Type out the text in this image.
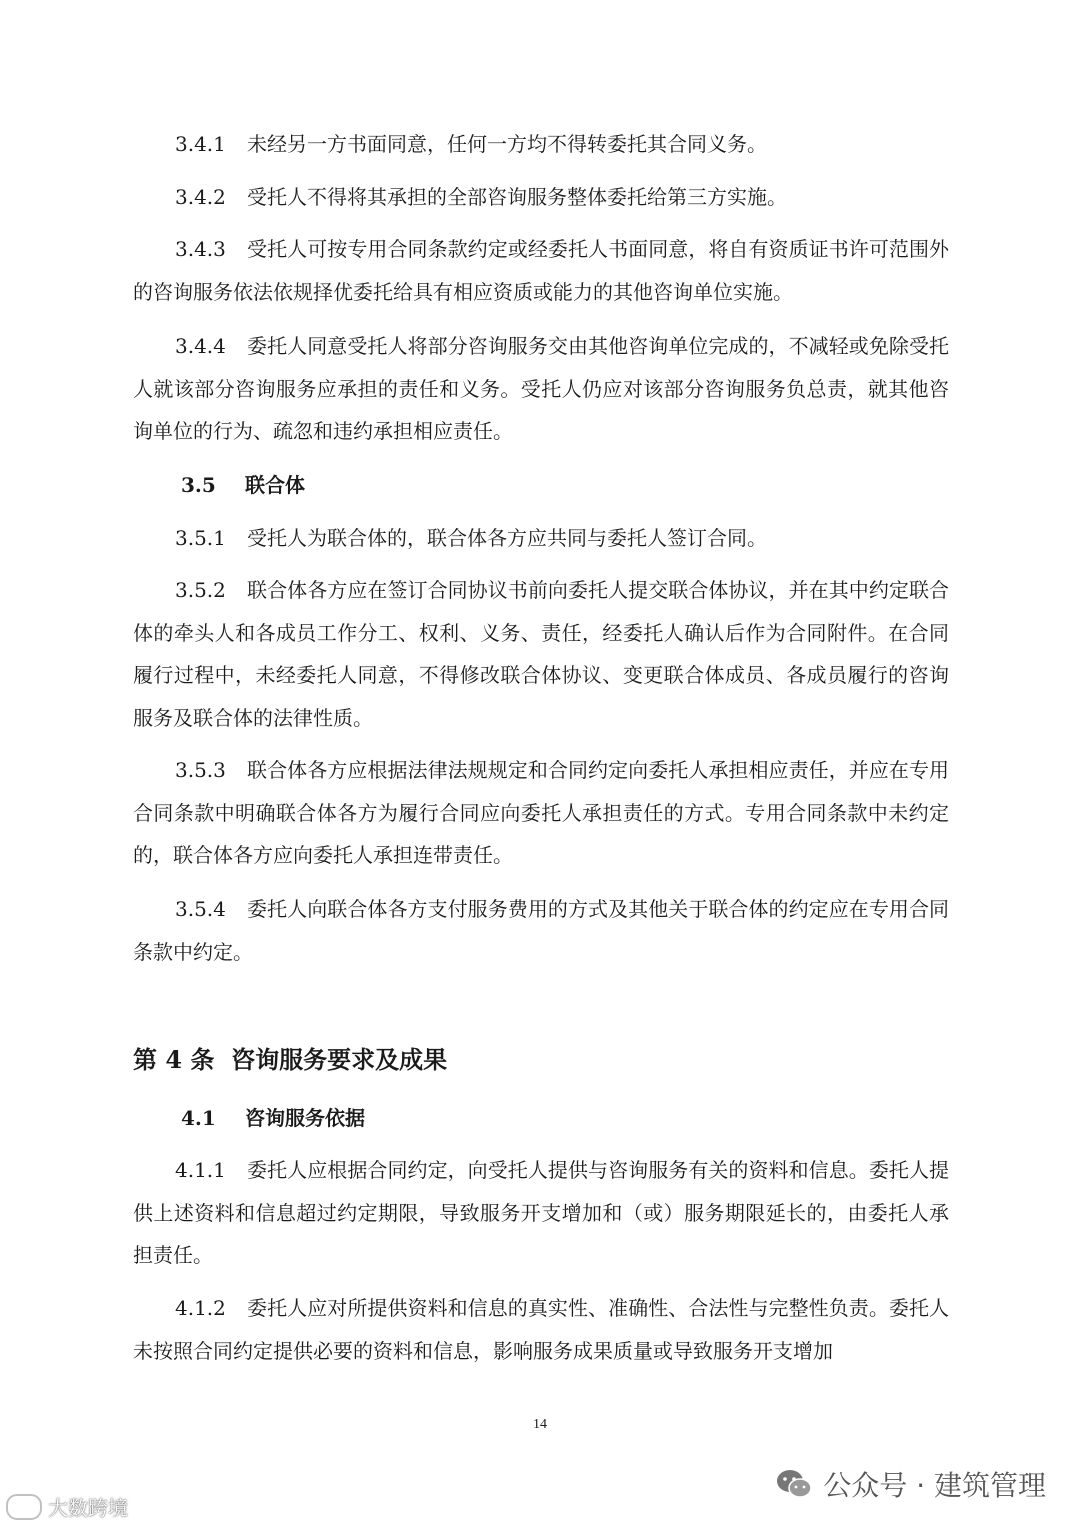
3.4.1 未经另一方书面同意，任何一方均不得转委托其合同义务。

3.4.2 受托人不得将其承担的全部咨询服务整体委托给第三方实施。

3.4.3 受托人可按专用合同条款约定或经委托人书面同意，将自有资质证书许可范围外的咨询服务依法依规择优委托给具有相应资质或能力的其他咨询单位实施。

3.4.4 委托人同意受托人将部分咨询服务交由其他咨询单位完成的，不减轻或免除受托人就该部分咨询服务应承担的责任和义务。受托人仍应对该部分咨询服务负总责，就其他咨询单位的行为、疏忽和违约承担相应责任。

3.5 联合体

3.5.1 受托人为联合体的，联合体各方应共同与委托人签订合同。

3.5.2 联合体各方应在签订合同协议书前向委托人提交联合体协议，并在其中约定联合体的牵头人和各成员工作分工、权利、义务、责任，经委托人确认后作为合同附件。在合同履行过程中，未经委托人同意，不得修改联合体协议、变更联合体成员、各成员履行的咨询服务及联合体的法律性质。

3.5.3 联合体各方应根据法律法规规定和合同约定向委托人承担相应责任，并应在专用合同条款中明确联合体各方为履行合同应向委托人承担责任的方式。专用合同条款中未约定的，联合体各方应向委托人承担连带责任。

3.5.4 委托人向联合体各方支付服务费用的方式及其他关于联合体的约定应在专用合同条款中约定。

第 4 条 咨询服务要求及成果
4.1 咨询服务依据

4.1.1 委托人应根据合同约定，向受托人提供与咨询服务有关的资料和信息。委托人提供上述资料和信息超过约定期限，导致服务开支增加和（或）服务期限延长的，由委托人承担责任。

4.1.2 委托人应对所提供资料和信息的真实性、准确性、合法性与完整性负责。委托人未按照合同约定提供必要的资料和信息，影响服务成果质量或导致服务开支增加

14
大数跨境
公众号 · 建筑管理
